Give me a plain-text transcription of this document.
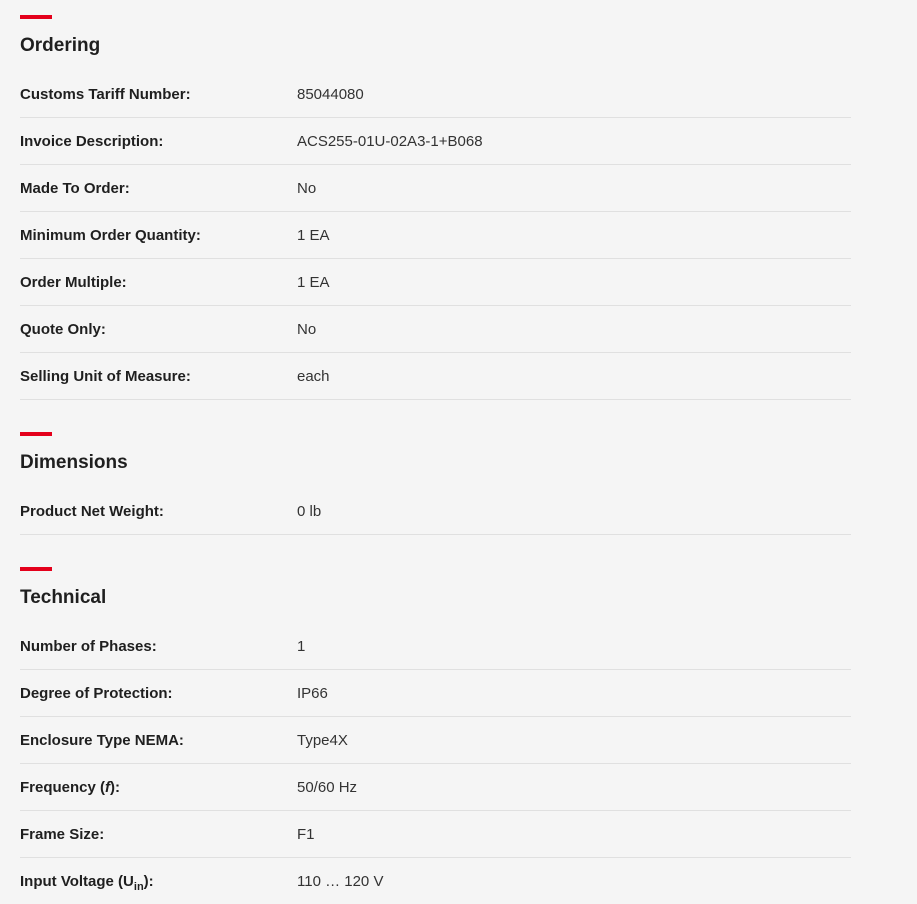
Ordering
Customs Tariff Number:	85044080
Invoice Description:	ACS255-01U-02A3-1+B068
Made To Order:	No
Minimum Order Quantity:	1 EA
Order Multiple:	1 EA
Quote Only:	No
Selling Unit of Measure:	each
Dimensions
Product Net Weight:	0 lb
Technical
Number of Phases:	1
Degree of Protection:	IP66
Enclosure Type NEMA:	Type4X
Frequency (f):	50/60 Hz
Frame Size:	F1
Input Voltage $(U_{in})$:	110 … 120 V
